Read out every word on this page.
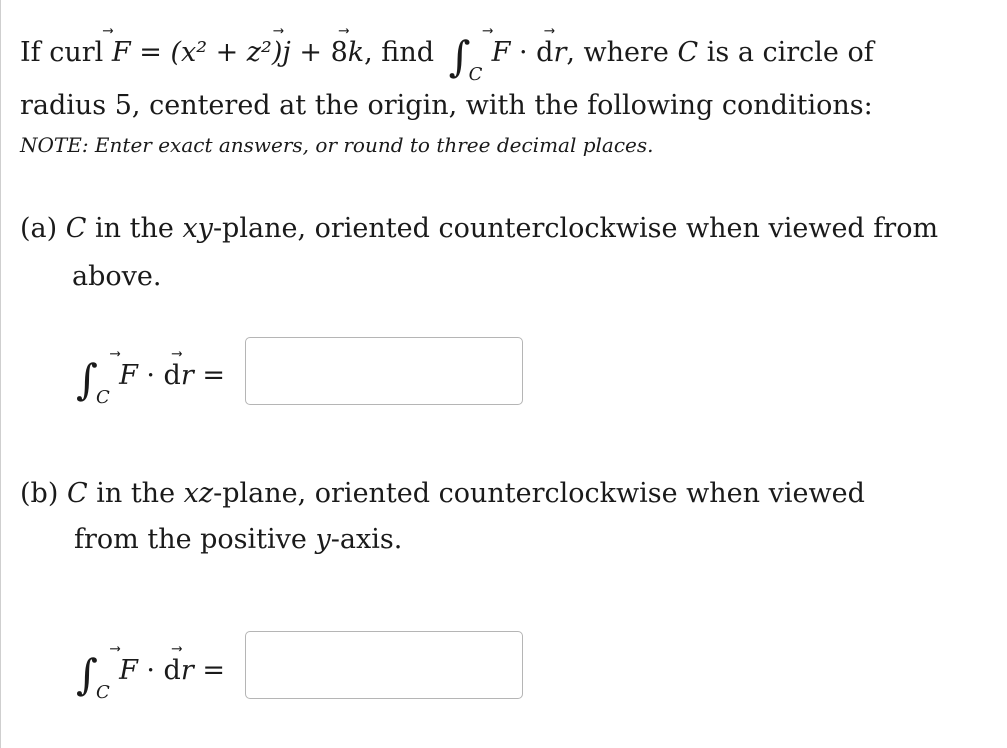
If curl ⃗ F = (x² + z²)⃗ j + 8⃗ k, find ∫
C
⃗ F · d⃗ r, where C is a circle of
radius 5, centered at the origin, with the following conditions:
NOTE: Enter exact answers, or round to three decimal places.
(a) C in the xy-plane, oriented counterclockwise when viewed from
above.
∫
C
⃗ F · d⃗ r =
(b) C in the xz-plane, oriented counterclockwise when viewed
from the positive y-axis.
∫
C
⃗ F · d⃗ r =
